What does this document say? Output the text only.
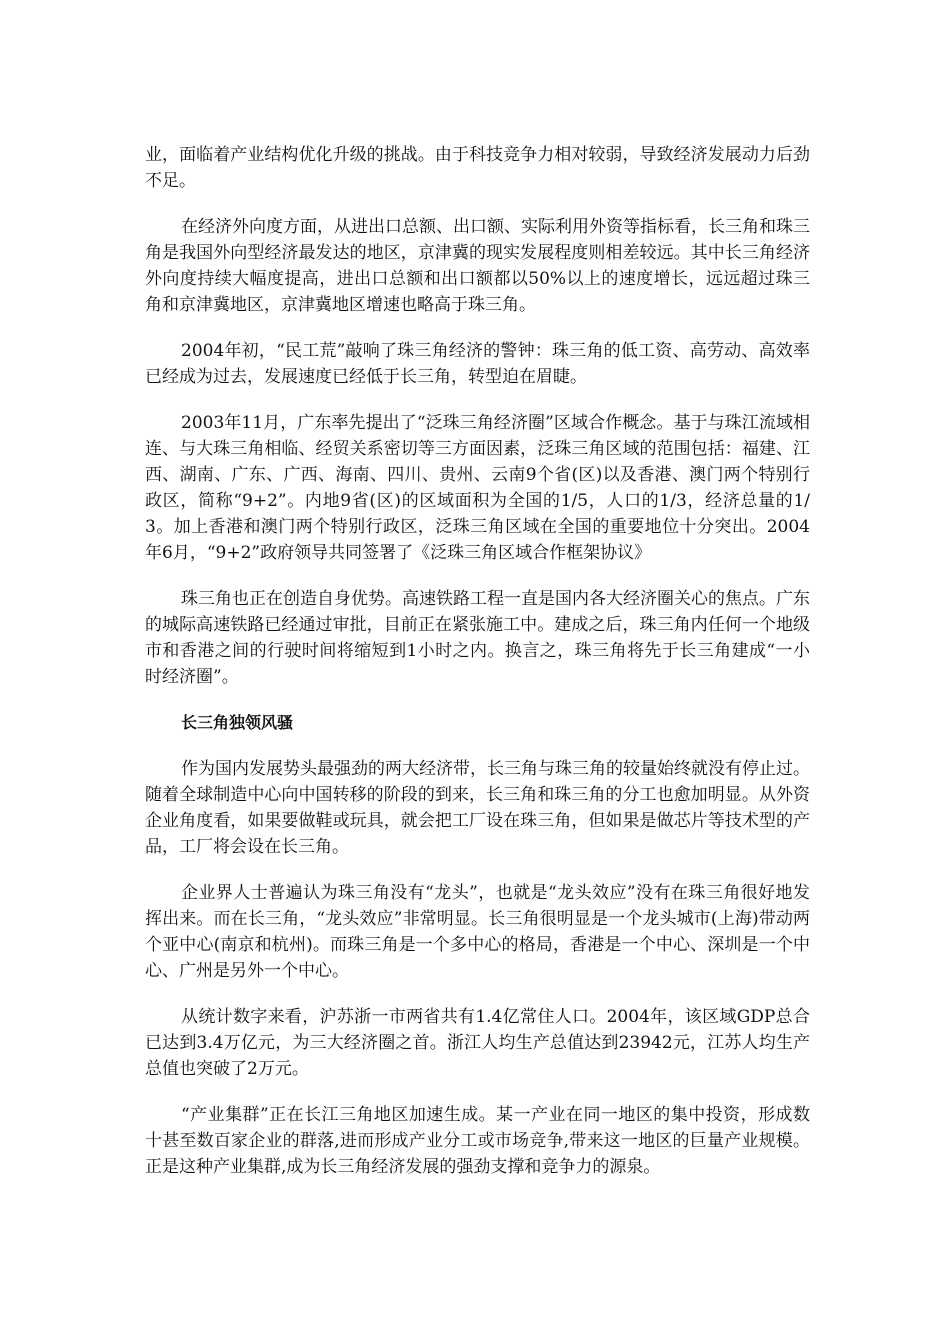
业，面临着产业结构优化升级的挑战。由于科技竞争力相对较弱，导致经济发展动力后劲不足。

在经济外向度方面，从进出口总额、出口额、实际利用外资等指标看，长三角和珠三角是我国外向型经济最发达的地区，京津冀的现实发展程度则相差较远。其中长三角经济外向度持续大幅度提高，进出口总额和出口额都以50%以上的速度增长，远远超过珠三角和京津冀地区，京津冀地区增速也略高于珠三角。

2004年初，“民工荒”敲响了珠三角经济的警钟：珠三角的低工资、高劳动、高效率已经成为过去，发展速度已经低于长三角，转型迫在眉睫。

2003年11月，广东率先提出了“泛珠三角经济圈”区域合作概念。基于与珠江流域相连、与大珠三角相临、经贸关系密切等三方面因素，泛珠三角区域的范围包括：福建、江西、湖南、广东、广西、海南、四川、贵州、云南9个省(区)以及香港、澳门两个特别行政区，简称“9+2”。内地9省(区)的区域面积为全国的1/5，人口的1/3，经济总量的1/3。加上香港和澳门两个特别行政区，泛珠三角区域在全国的重要地位十分突出。2004年6月，“9+2”政府领导共同签署了《泛珠三角区域合作框架协议》

珠三角也正在创造自身优势。高速铁路工程一直是国内各大经济圈关心的焦点。广东的城际高速铁路已经通过审批，目前正在紧张施工中。建成之后，珠三角内任何一个地级市和香港之间的行驶时间将缩短到1小时之内。换言之，珠三角将先于长三角建成“一小时经济圈”。

长三角独领风骚

作为国内发展势头最强劲的两大经济带，长三角与珠三角的较量始终就没有停止过。随着全球制造中心向中国转移的阶段的到来，长三角和珠三角的分工也愈加明显。从外资企业角度看，如果要做鞋或玩具，就会把工厂设在珠三角，但如果是做芯片等技术型的产品，工厂将会设在长三角。

企业界人士普遍认为珠三角没有“龙头”，也就是“龙头效应”没有在珠三角很好地发挥出来。而在长三角，“龙头效应”非常明显。长三角很明显是一个龙头城市(上海)带动两个亚中心(南京和杭州)。而珠三角是一个多中心的格局，香港是一个中心、深圳是一个中心、广州是另外一个中心。

从统计数字来看，沪苏浙一市两省共有1.4亿常住人口。2004年，该区域GDP总合已达到3.4万亿元，为三大经济圈之首。浙江人均生产总值达到23942元，江苏人均生产总值也突破了2万元。

“产业集群”正在长江三角地区加速生成。某一产业在同一地区的集中投资，形成数十甚至数百家企业的群落,进而形成产业分工或市场竞争,带来这一地区的巨量产业规模。正是这种产业集群,成为长三角经济发展的强劲支撑和竞争力的源泉。
